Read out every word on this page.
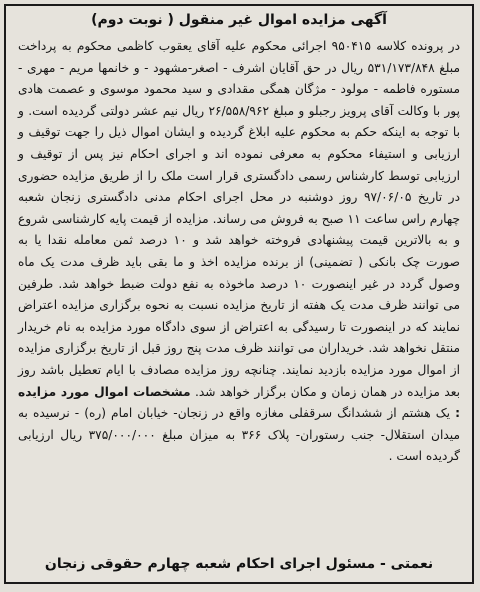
آگهی مزایده اموال غیر منقول ( نوبت دوم)
در پرونده کلاسه ۹۵۰۴۱۵ اجرائی محکوم علیه آقای یعقوب کاظمی محکوم به پرداخت مبلغ ۵۳۱/۱۷۳/۸۴۸ ریال در حق آقایان اشرف - اصغر-مشهود - و خانمها مریم - مهری - مستوره فاطمه - مولود - مژگان همگی مقدادی و سید محمود موسوی و عصمت هادی پور با وکالت آقای پرویز رجبلو و مبلغ ۲۶/۵۵۸/۹۶۲ ریال نیم عشر دولتی گردیده است. و با توجه به اینکه حکم به محکوم علیه ابلاغ گردیده و ایشان اموال ذیل را جهت توقیف و ارزیابی و استیفاء محکوم به معرفی نموده اند و اجرای احکام نیز پس از توقیف و ارزیابی توسط کارشناس رسمی دادگستری قرار است ملک را از طریق مزایده حضوری در تاریخ ۹۷/۰۶/۰۵ روز دوشنبه در محل اجرای احکام مدنی دادگستری زنجان شعبه چهارم راس ساعت ۱۱ صبح به فروش می رساند. مزایده از قیمت پایه کارشناسی شروع و به بالاترین قیمت پیشنهادی فروخته خواهد شد و ۱۰ درصد ثمن معامله نقدا یا به صورت چک بانکی ( تضمینی) از برنده مزایده اخذ و ما بقی باید ظرف مدت یک ماه وصول گردد در غیر اینصورت ۱۰ درصد ماخوذه به نفع دولت ضبط خواهد شد. طرفین می توانند ظرف مدت یک هفته از تاریخ مزایده نسبت به نحوه برگزاری مزایده اعتراض نمایند که در اینصورت تا رسیدگی به اعتراض از سوی دادگاه مورد مزایده به نام خریدار منتقل نخواهد شد. خریداران می توانند ظرف مدت پنج روز قبل از تاریخ برگزاری مزایده از اموال مورد مزایده بازدید نمایند. چنانچه روز مزایده مصادف با ایام تعطیل باشد روز بعد مزایده در همان زمان و مکان برگزار خواهد شد. مشخصات اموال مورد مزایده : یک هشتم از ششدانگ سرقفلی مغازه واقع در زنجان- خیابان امام (ره) - نرسیده به میدان استقلال- جنب رستوران- پلاک ۳۶۶ به میزان مبلغ ۳۷۵/۰۰۰/۰۰۰ ریال ارزیابی گردیده است .
نعمتی - مسئول اجرای احکام شعبه چهارم حقوقی زنجان
